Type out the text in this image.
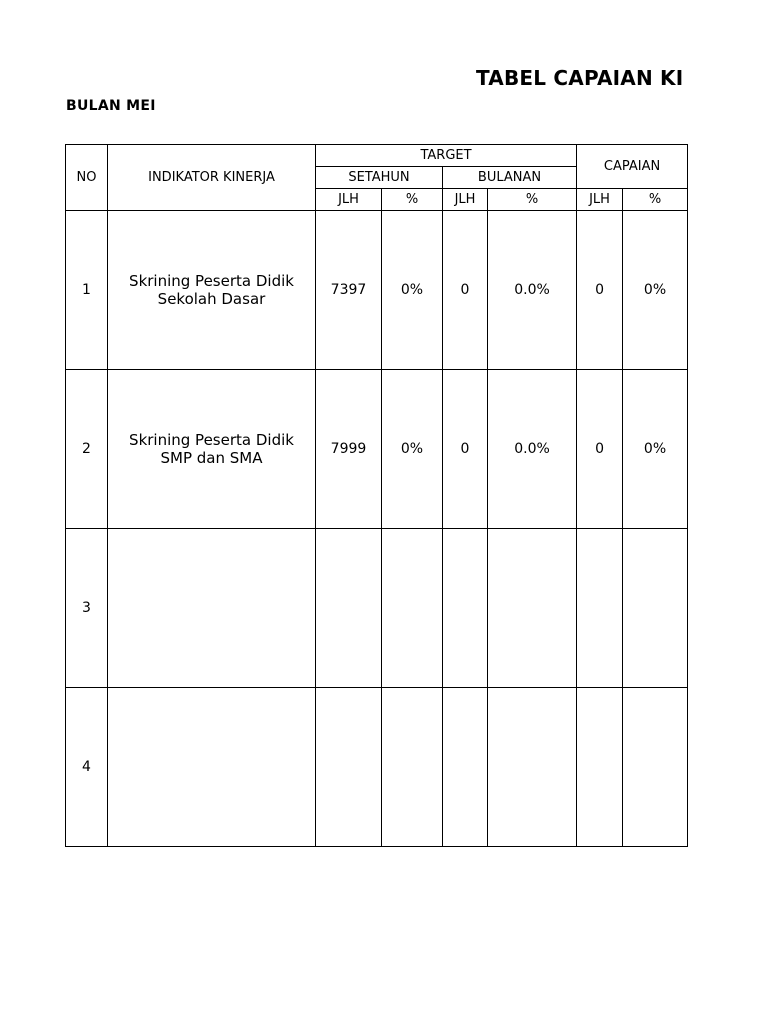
TABEL CAPAIAN KI
BULAN MEI
NO	INDIKATOR KINERJA	TARGET				CAPAIAN	
		SETAHUN		BULANAN			
		JLH	%	JLH	%	JLH	%
1	Skrining Peserta Didik
Sekolah Dasar	7397	0%	0	0.0%	0	0%
2	Skrining Peserta Didik
SMP dan SMA	7999	0%	0	0.0%	0	0%
3	

4	
